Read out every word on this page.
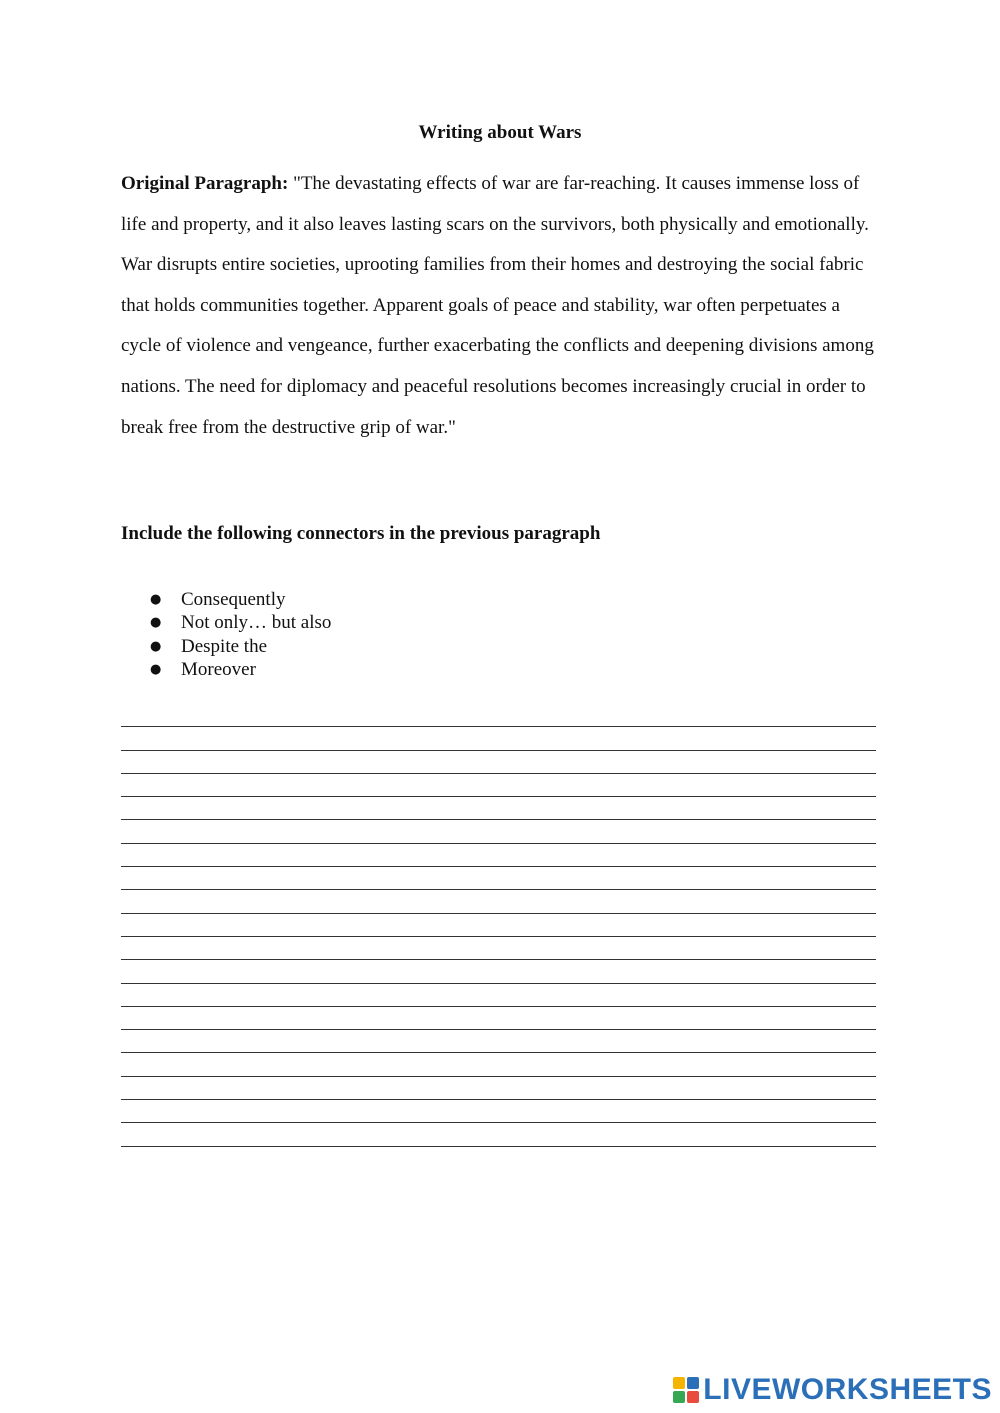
Writing about Wars
Original Paragraph: "The devastating effects of war are far-reaching. It causes immense loss of life and property, and it also leaves lasting scars on the survivors, both physically and emotionally. War disrupts entire societies, uprooting families from their homes and destroying the social fabric that holds communities together. Apparent goals of peace and stability, war often perpetuates a cycle of violence and vengeance, further exacerbating the conflicts and deepening divisions among nations. The need for diplomacy and peaceful resolutions becomes increasingly crucial in order to break free from the destructive grip of war."
Include the following connectors in the previous paragraph
● Consequently
● Not only… but also
● Despite the
● Moreover
LIVEWORKSHEETS
